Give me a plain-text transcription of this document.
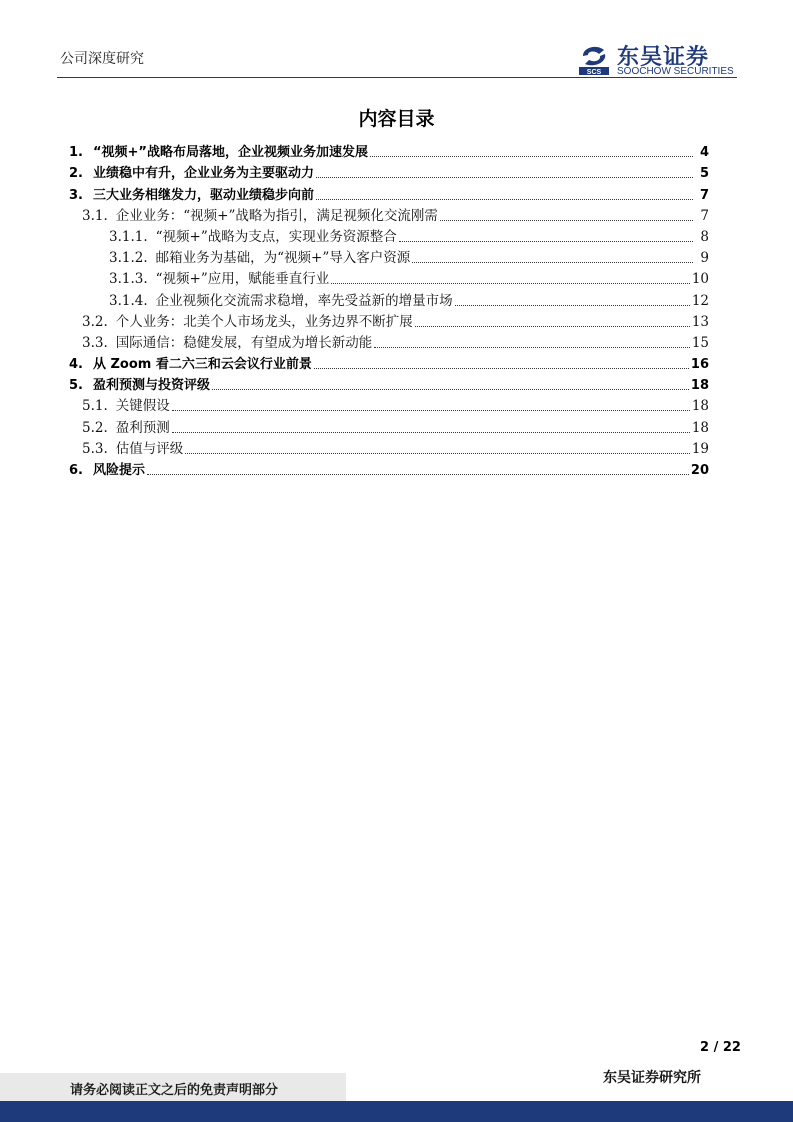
公司深度研究
SCS
东吴证券
SOOCHOW SECURITIES
内容目录
1. “视频+”战略布局落地，企业视频业务加速发展	4
2. 业绩稳中有升，企业业务为主要驱动力	5
3. 三大业务相继发力，驱动业绩稳步向前	7
3.1. 企业业务：“视频+”战略为指引，满足视频化交流刚需	7
3.1.1. “视频+”战略为支点，实现业务资源整合	8
3.1.2. 邮箱业务为基础，为“视频+”导入客户资源	9
3.1.3. “视频+”应用，赋能垂直行业	10
3.1.4. 企业视频化交流需求稳增，率先受益新的增量市场	12
3.2. 个人业务：北美个人市场龙头，业务边界不断扩展	13
3.3. 国际通信：稳健发展，有望成为增长新动能	15
4. 从 Zoom 看二六三和云会议行业前景	16
5. 盈利预测与投资评级	18
5.1. 关键假设	18
5.2. 盈利预测	18
5.3. 估值与评级	19
6. 风险提示	20
2 / 22
请务必阅读正文之后的免责声明部分
东吴证券研究所
